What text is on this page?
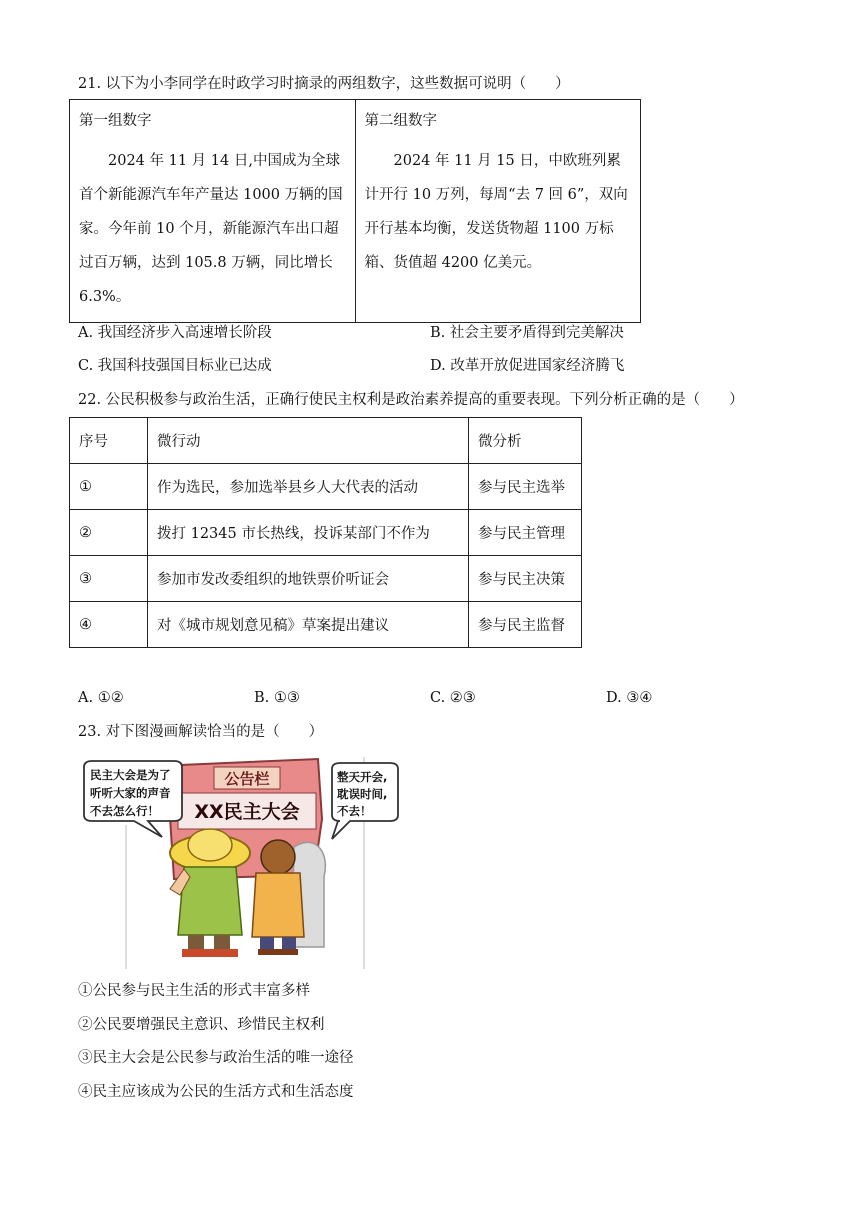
21. 以下为小李同学在时政学习时摘录的两组数字，这些数据可说明（　　）
第一组数字
2024 年 11 月 14 日,中国成为全球首个新能源汽车年产量达 1000 万辆的国家。今年前 10 个月，新能源汽车出口超过百万辆，达到 105.8 万辆，同比增长 6.3%。

第二组数字
2024 年 11 月 15 日，中欧班列累计开行 10 万列，每周“去 7 回 6”，双向开行基本均衡，发送货物超 1100 万标箱、货值超 4200 亿美元。
A. 我国经济步入高速增长阶段	B. 社会主要矛盾得到完美解决
C. 我国科技强国目标业已达成	D. 改革开放促进国家经济腾飞
22. 公民积极参与政治生活，正确行使民主权利是政治素养提高的重要表现。下列分析正确的是（　　）
序号	微行动	微分析
①	作为选民，参加选举县乡人大代表的活动	参与民主选举
②	拨打 12345 市长热线，投诉某部门不作为	参与民主管理
③	参加市发改委组织的地铁票价听证会	参与民主决策
④	对《城市规划意见稿》草案提出建议	参与民主监督
A. ①②	B. ①③	C. ②③	D. ③④
23. 对下图漫画解读恰当的是（　　）
公告栏
XX民主大会
民主大会是为了 听听大家的声音 不去怎么行！
整天开会, 耽误时间, 不去！
①公民参与民主生活的形式丰富多样
②公民要增强民主意识、珍惜民主权利
③民主大会是公民参与政治生活的唯一途径
④民主应该成为公民的生活方式和生活态度
